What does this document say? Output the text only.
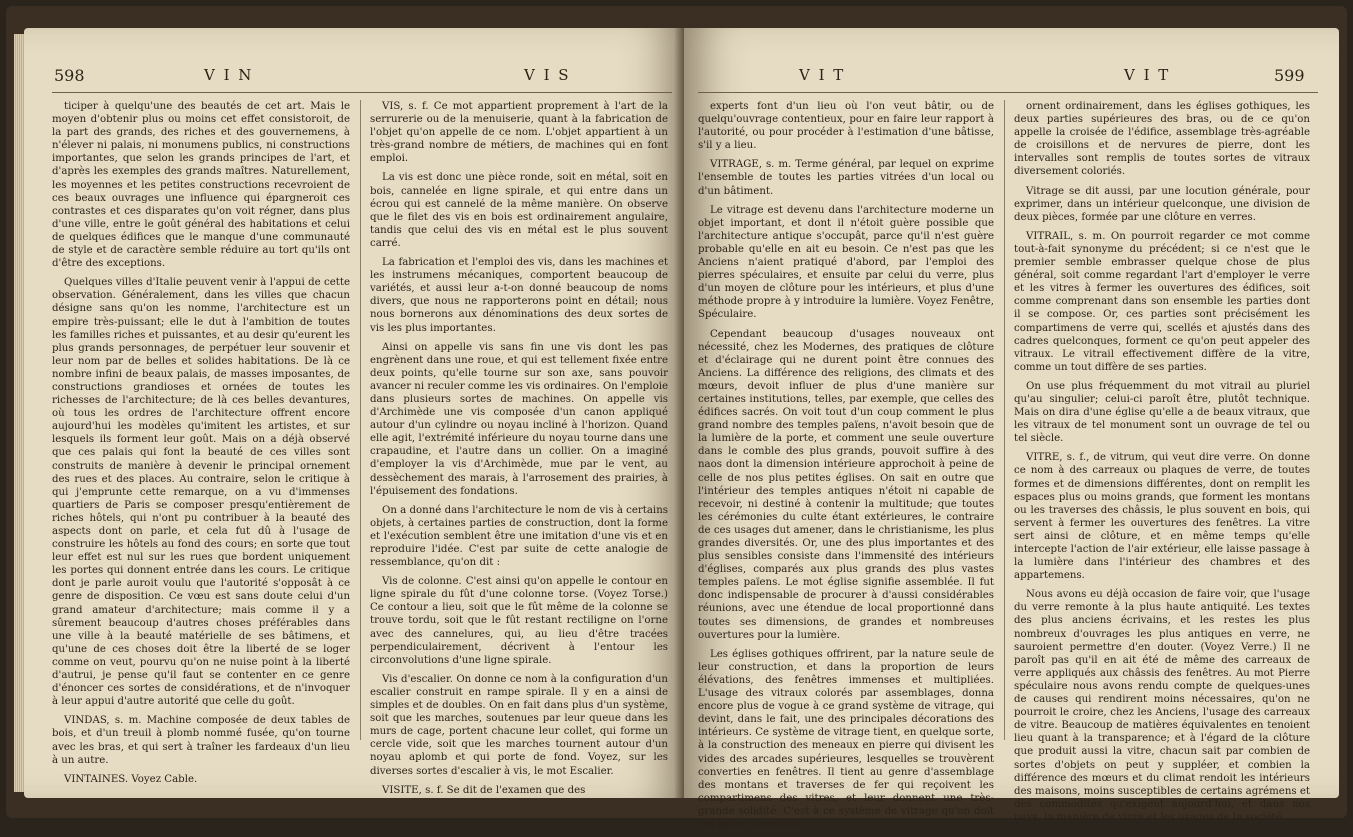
598	V I N	V I S

ticiper à quelqu'une des beautés de cet art. Mais le moyen d'obtenir plus ou moins cet effet consistoroit, de la part des grands, des riches et des gouvernemens, à n'élever ni palais, ni monumens publics, ni constructions importantes, que selon les grands principes de l'art, et d'après les exemples des grands maîtres. Naturellement, les moyennes et les petites constructions recevroient de ces beaux ouvrages une influence qui épargneroit ces contrastes et ces disparates qu'on voit régner, dans plus d'une ville, entre le goût général des habitations et celui de quelques édifices que le manque d'une communauté de style et de caractère semble réduire au tort qu'ils ont d'être des exceptions.

Quelques villes d'Italie peuvent venir à l'appui de cette observation. Généralement, dans les villes que chacun désigne sans qu'on les nomme, l'architecture est un empire très-puissant; elle le dut à l'ambition de toutes les familles riches et puissantes, et au desir qu'eurent les plus grands personnages, de perpétuer leur souvenir et leur nom par de belles et solides habitations. De là ce nombre infini de beaux palais, de masses imposantes, de constructions grandioses et ornées de toutes les richesses de l'architecture; de là ces belles devantures, où tous les ordres de l'architecture offrent encore aujourd'hui les modèles qu'imitent les artistes, et sur lesquels ils forment leur goût. Mais on a déjà observé que ces palais qui font la beauté de ces villes sont construits de manière à devenir le principal ornement des rues et des places. Au contraire, selon le critique à qui j'emprunte cette remarque, on a vu d'immenses quartiers de Paris se composer presqu'entièrement de riches hôtels, qui n'ont pu contribuer à la beauté des aspects dont on parle, et cela fut dû à l'usage de construire les hôtels au fond des cours; en sorte que tout leur effet est nul sur les rues que bordent uniquement les portes qui donnent entrée dans les cours. Le critique dont je parle auroit voulu que l'autorité s'opposât à ce genre de disposition. Ce vœu est sans doute celui d'un grand amateur d'architecture; mais comme il y a sûrement beaucoup d'autres choses préférables dans une ville à la beauté matérielle de ses bâtimens, et qu'une de ces choses doit être la liberté de se loger comme on veut, pourvu qu'on ne nuise point à la liberté d'autrui, je pense qu'il faut se contenter en ce genre d'énoncer ces sortes de considérations, et de n'invoquer à leur appui d'autre autorité que celle du goût.

VINDAS, s. m. Machine composée de deux tables de bois, et d'un treuil à plomb nommé fusée, qu'on tourne avec les bras, et qui sert à traîner les fardeaux d'un lieu à un autre.

VINTAINES. Voyez Cable.

VIS, s. f. Ce mot appartient proprement à l'art de la serrurerie ou de la menuiserie, quant à la fabrication de l'objet qu'on appelle de ce nom. L'objet appartient à un très-grand nombre de métiers, de machines qui en font emploi.

La vis est donc une pièce ronde, soit en métal, soit en bois, cannelée en ligne spirale, et qui entre dans un écrou qui est cannelé de la même manière. On observe que le filet des vis en bois est ordinairement angulaire, tandis que celui des vis en métal est le plus souvent carré.

La fabrication et l'emploi des vis, dans les machines et les instrumens mécaniques, comportent beaucoup de variétés, et aussi leur a-t-on donné beaucoup de noms divers, que nous ne rapporterons point en détail; nous nous bornerons aux dénominations des deux sortes de vis les plus importantes.

Ainsi on appelle vis sans fin une vis dont les pas engrènent dans une roue, et qui est tellement fixée entre deux points, qu'elle tourne sur son axe, sans pouvoir avancer ni reculer comme les vis ordinaires. On l'emploie dans plusieurs sortes de machines. On appelle vis d'Archimède une vis composée d'un canon appliqué autour d'un cylindre ou noyau incliné à l'horizon. Quand elle agit, l'extrémité inférieure du noyau tourne dans une crapaudine, et l'autre dans un collier. On a imaginé d'employer la vis d'Archimède, mue par le vent, au dessèchement des marais, à l'arrosement des prairies, à l'épuisement des fondations.

On a donné dans l'architecture le nom de vis à certains objets, à certaines parties de construction, dont la forme et l'exécution semblent être une imitation d'une vis et en reproduire l'idée. C'est par suite de cette analogie de ressemblance, qu'on dit :

Vis de colonne. C'est ainsi qu'on appelle le contour en ligne spirale du fût d'une colonne torse. (Voyez Torse.) Ce contour a lieu, soit que le fût même de la colonne se trouve tordu, soit que le fût restant rectiligne on l'orne avec des cannelures, qui, au lieu d'être tracées perpendiculairement, décrivent à l'entour les circonvolutions d'une ligne spirale.

Vis d'escalier. On donne ce nom à la configuration d'un escalier construit en rampe spirale. Il y en a ainsi de simples et de doubles. On en fait dans plus d'un système, soit que les marches, soutenues par leur queue dans les murs de cage, portent chacune leur collet, qui forme un cercle vide, soit que les marches tournent autour d'un noyau aplomb et qui porte de fond. Voyez, sur les diverses sortes d'escalier à vis, le mot Escalier.

VISITE, s. f. Se dit de l'examen que des

V I T	V I T	599

experts font d'un lieu où l'on veut bâtir, ou de quelqu'ouvrage contentieux, pour en faire leur rapport à l'autorité, ou pour procéder à l'estimation d'une bâtisse, s'il y a lieu.

VITRAGE, s. m. Terme général, par lequel on exprime l'ensemble de toutes les parties vitrées d'un local ou d'un bâtiment.

Le vitrage est devenu dans l'architecture moderne un objet important, et dont il n'étoit guère possible que l'architecture antique s'occupât, parce qu'il n'est guère probable qu'elle en ait eu besoin. Ce n'est pas que les Anciens n'aient pratiqué d'abord, par l'emploi des pierres spéculaires, et ensuite par celui du verre, plus d'un moyen de clôture pour les intérieurs, et plus d'une méthode propre à y introduire la lumière. Voyez Fenêtre, Spéculaire.

Cependant beaucoup d'usages nouveaux ont nécessité, chez les Modernes, des pratiques de clôture et d'éclairage qui ne durent point être connues des Anciens. La différence des religions, des climats et des mœurs, devoit influer de plus d'une manière sur certaines institutions, telles, par exemple, que celles des édifices sacrés. On voit tout d'un coup comment le plus grand nombre des temples païens, n'avoit besoin que de la lumière de la porte, et comment une seule ouverture dans le comble des plus grands, pouvoit suffire à des naos dont la dimension intérieure approchoit à peine de celle de nos plus petites églises. On sait en outre que l'intérieur des temples antiques n'étoit ni capable de recevoir, ni destiné à contenir la multitude; que toutes les cérémonies du culte étant extérieures, le contraire de ces usages dut amener, dans le christianisme, les plus grandes diversités. Or, une des plus importantes et des plus sensibles consiste dans l'immensité des intérieurs d'églises, comparés aux plus grands des plus vastes temples païens. Le mot église signifie assemblée. Il fut donc indispensable de procurer à d'aussi considérables réunions, avec une étendue de local proportionné dans toutes ses dimensions, de grandes et nombreuses ouvertures pour la lumière.

Les églises gothiques offrirent, par la nature seule de leur construction, et dans la proportion de leurs élévations, des fenêtres immenses et multipliées. L'usage des vitraux colorés par assemblages, donna encore plus de vogue à ce grand système de vitrage, qui devint, dans le fait, une des principales décorations des intérieurs. Ce système de vitrage tient, en quelque sorte, à la construction des meneaux en pierre qui divisent les vides des arcades supérieures, lesquelles se trouvèrent converties en fenêtres. Il tient au genre d'assemblage des montans et traverses de fer qui reçoivent les compartimens des vitres, et leur donnent une très-grande solidité. C'est à ce système de vitrage qu'on doit ces belles roses qui

ornent ordinairement, dans les églises gothiques, les deux parties supérieures des bras, ou de ce qu'on appelle la croisée de l'édifice, assemblage très-agréable de croisillons et de nervures de pierre, dont les intervalles sont remplis de toutes sortes de vitraux diversement coloriés.

Vitrage se dit aussi, par une locution générale, pour exprimer, dans un intérieur quelconque, une division de deux pièces, formée par une clôture en verres.

VITRAIL, s. m. On pourroit regarder ce mot comme tout-à-fait synonyme du précédent; si ce n'est que le premier semble embrasser quelque chose de plus général, soit comme regardant l'art d'employer le verre et les vitres à fermer les ouvertures des édifices, soit comme comprenant dans son ensemble les parties dont il se compose. Or, ces parties sont précisément les compartimens de verre qui, scellés et ajustés dans des cadres quelconques, forment ce qu'on peut appeler des vitraux. Le vitrail effectivement diffère de la vitre, comme un tout diffère de ses parties.

On use plus fréquemment du mot vitrail au pluriel qu'au singulier; celui-ci paroît être, plutôt technique. Mais on dira d'une église qu'elle a de beaux vitraux, que les vitraux de tel monument sont un ouvrage de tel ou tel siècle.

VITRE, s. f., de vitrum, qui veut dire verre. On donne ce nom à des carreaux ou plaques de verre, de toutes formes et de dimensions différentes, dont on remplit les espaces plus ou moins grands, que forment les montans ou les traverses des châssis, le plus souvent en bois, qui servent à fermer les ouvertures des fenêtres. La vitre sert ainsi de clôture, et en même temps qu'elle intercepte l'action de l'air extérieur, elle laisse passage à la lumière dans l'intérieur des chambres et des appartemens.

Nous avons eu déjà occasion de faire voir, que l'usage du verre remonte à la plus haute antiquité. Les textes des plus anciens écrivains, et les restes les plus nombreux d'ouvrages les plus antiques en verre, ne sauroient permettre d'en douter. (Voyez Verre.) Il ne paroît pas qu'il en ait été de même des carreaux de verre appliqués aux châssis des fenêtres. Au mot Pierre spéculaire nous avons rendu compte de quelques-unes de causes qui rendirent moins nécessaires, qu'on ne pourroit le croire, chez les Anciens, l'usage des carreaux de vitre. Beaucoup de matières équivalentes en tenoient lieu quant à la transparence; et à l'égard de la clôture que produit aussi la vitre, chacun sait par combien de sortes d'objets on peut y suppléer, et combien la différence des mœurs et du climat rendoit les intérieurs des maisons, moins susceptibles de certains agrémens et des commodités qu'exigent aujourd'hui, et dans nos pays, la manière de vivre et les usages de la société.
